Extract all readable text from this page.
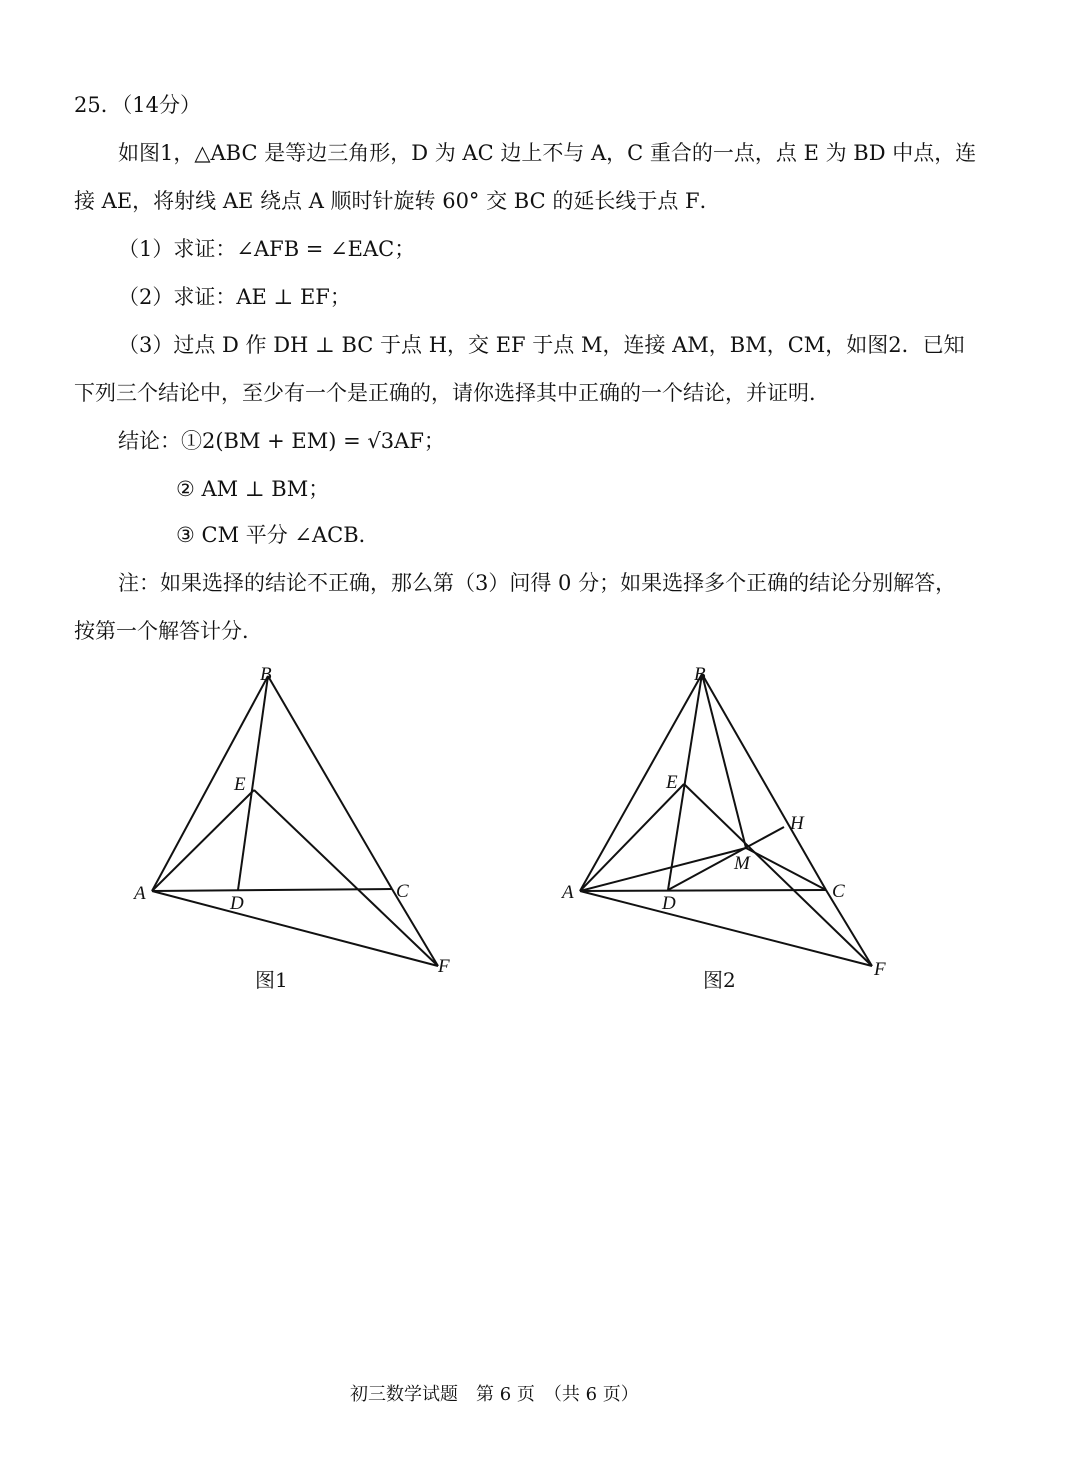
25．（14分）
如图1，△ABC 是等边三角形，D 为 AC 边上不与 A，C 重合的一点，点 E 为 BD 中点，连
接 AE，将射线 AE 绕点 A 顺时针旋转 60° 交 BC 的延长线于点 F．
（1）求证：∠AFB = ∠EAC；
（2）求证：AE ⊥ EF；
（3）过点 D 作 DH ⊥ BC 于点 H，交 EF 于点 M，连接 AM，BM，CM，如图2．已知
下列三个结论中，至少有一个是正确的，请你选择其中正确的一个结论，并证明．
结论：①2(BM + EM) = √3AF；
② AM ⊥ BM；
③ CM 平分 ∠ACB．
注：如果选择的结论不正确，那么第（3）问得 0 分；如果选择多个正确的结论分别解答，
按第一个解答计分．
B
E
A	D
C
F
图1
B
E
H
M
A
D
C
F
图2
初三数学试题　第 6 页　（共 6 页）
